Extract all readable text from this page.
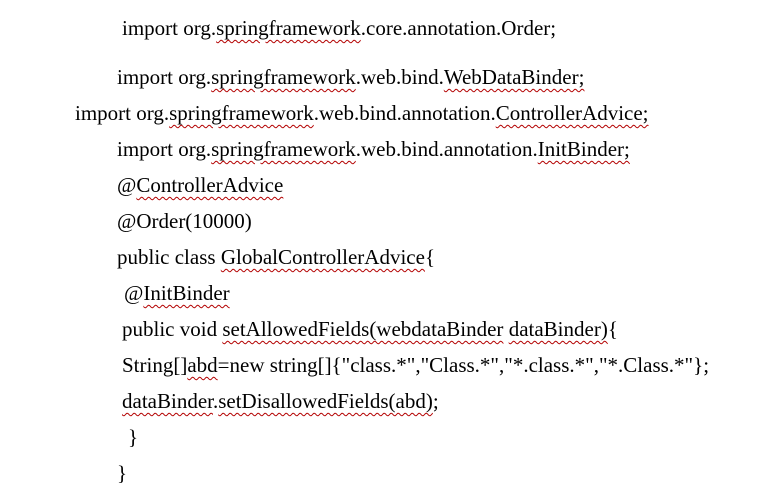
import org.springframework.core.annotation.Order;
import org.springframework.web.bind.WebDataBinder;
import org.springframework.web.bind.annotation.ControllerAdvice;
import org.springframework.web.bind.annotation.InitBinder;
@ControllerAdvice
@Order(10000)
public class GlobalControllerAdvice{
@InitBinder
public void setAllowedFields(webdataBinder dataBinder){
String[]abd=new string[]{"class.*","Class.*","*.class.*","*.Class.*"};
dataBinder.setDisallowedFields(abd);
}
}
